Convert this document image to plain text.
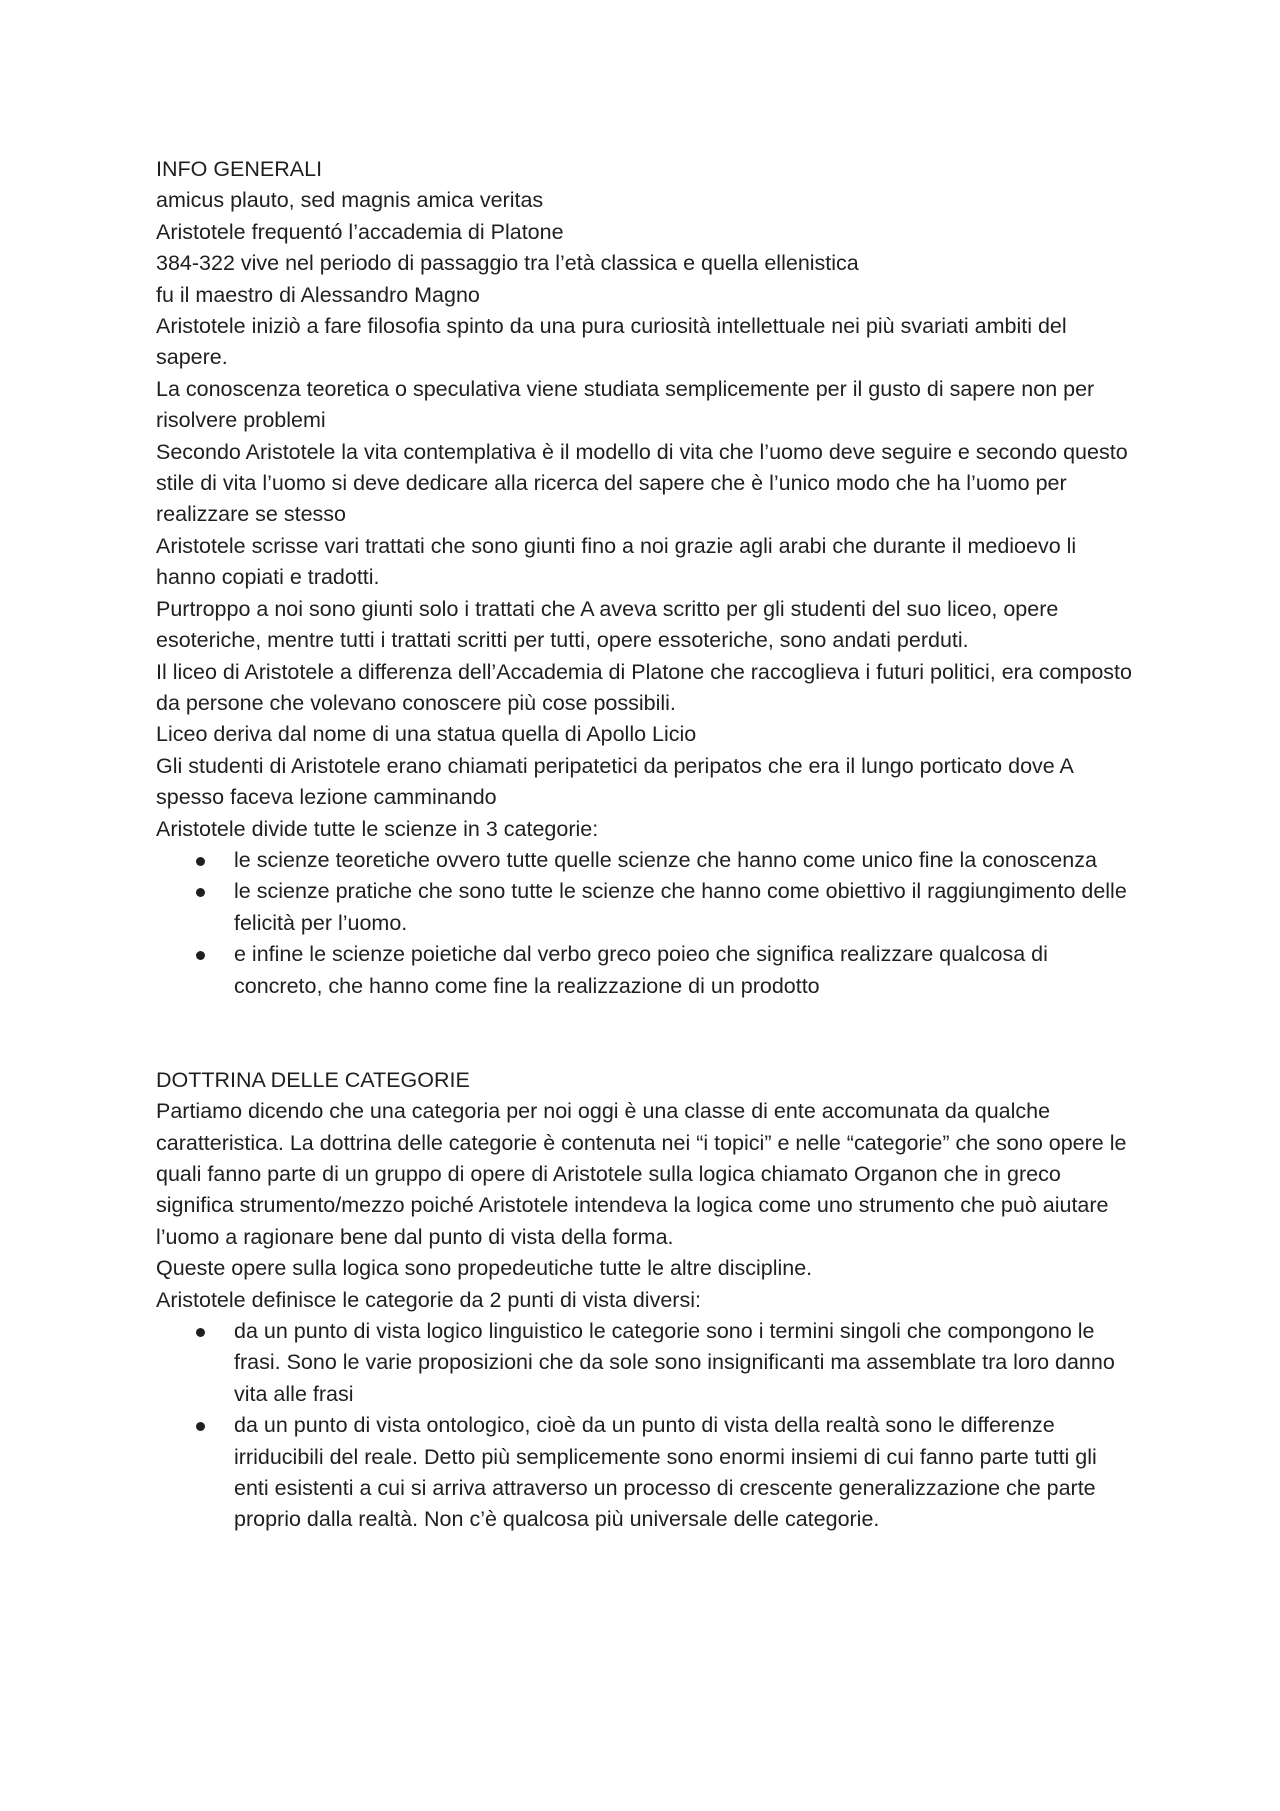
INFO GENERALI

amicus plauto, sed magnis amica veritas

Aristotele frequentó l’accademia di Platone

384-322 vive nel periodo di passaggio tra l’età classica e quella ellenistica

fu il maestro di Alessandro Magno

Aristotele iniziò a fare filosofia spinto da una pura curiosità intellettuale nei più svariati ambiti del sapere.

La conoscenza teoretica o speculativa viene studiata semplicemente per il gusto di sapere non per risolvere problemi

Secondo Aristotele la vita contemplativa è il modello di vita che l’uomo deve seguire e secondo questo stile di vita l’uomo si deve dedicare alla ricerca del sapere che è l’unico modo che ha l’uomo per realizzare se stesso

Aristotele scrisse vari trattati che sono giunti fino a noi grazie agli arabi che durante il medioevo li hanno copiati e tradotti.

Purtroppo a noi sono giunti solo i trattati che A aveva scritto per gli studenti del suo liceo, opere esoteriche, mentre tutti i trattati scritti per tutti, opere essoteriche, sono andati perduti.

Il liceo di Aristotele a differenza dell’Accademia di Platone che raccoglieva i futuri politici, era composto da persone che volevano conoscere più cose possibili.

Liceo deriva dal nome di una statua quella di Apollo Licio

Gli studenti di Aristotele erano chiamati peripatetici da peripatos che era il lungo porticato dove A spesso faceva lezione camminando

Aristotele divide tutte le scienze in 3 categorie:

le scienze teoretiche ovvero tutte quelle scienze che hanno come unico fine la conoscenza
le scienze pratiche che sono tutte le scienze che hanno come obiettivo il raggiungimento delle felicità per l’uomo.
e infine le scienze poietiche dal verbo greco poieo che significa realizzare qualcosa di concreto, che hanno come fine la realizzazione di un prodotto

DOTTRINA DELLE CATEGORIE

Partiamo dicendo che una categoria per noi oggi è una classe di ente accomunata da qualche caratteristica. La dottrina delle categorie è contenuta nei “i topici” e nelle “categorie” che sono opere le quali fanno parte di un gruppo di opere di Aristotele sulla logica chiamato Organon che in greco significa strumento/mezzo poiché Aristotele intendeva la logica come uno strumento che può aiutare l’uomo a ragionare bene dal punto di vista della forma.

Queste opere sulla logica sono propedeutiche tutte le altre discipline.

Aristotele definisce le categorie da 2 punti di vista diversi:

da un punto di vista logico linguistico le categorie sono i termini singoli che compongono le frasi. Sono le varie proposizioni che da sole sono insignificanti ma assemblate tra loro danno vita alle frasi
da un punto di vista ontologico, cioè da un punto di vista della realtà sono le differenze irriducibili del reale. Detto più semplicemente sono enormi insiemi di cui fanno parte tutti gli enti esistenti a cui si arriva attraverso un processo di crescente generalizzazione che parte proprio dalla realtà. Non c’è qualcosa più universale delle categorie.
